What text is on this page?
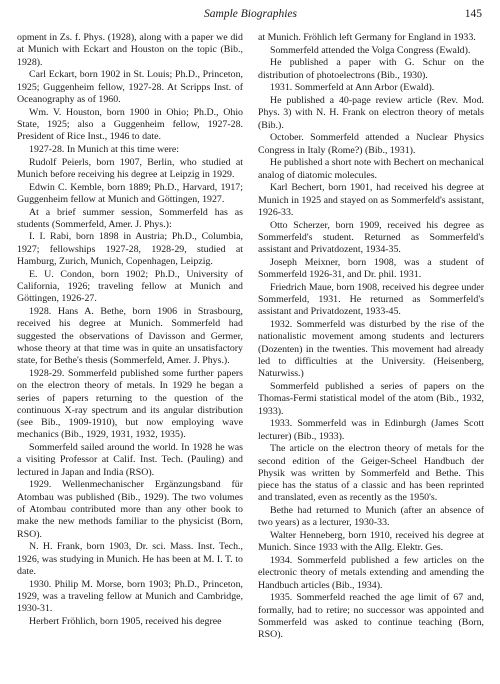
Sample Biographies	145

opment in Zs. f. Phys. (1928), along with a paper we did at Munich with Eckart and Houston on the topic (Bib., 1928).

Carl Eckart, born 1902 in St. Louis; Ph.D., Princeton, 1925; Guggenheim fellow, 1927-28. At Scripps Inst. of Oceanography as of 1960.

Wm. V. Houston, born 1900 in Ohio; Ph.D., Ohio State, 1925; also a Guggenheim fellow, 1927-28. President of Rice Inst., 1946 to date.

1927-28. In Munich at this time were:

Rudolf Peierls, born 1907, Berlin, who studied at Munich before receiving his degree at Leipzig in 1929.

Edwin C. Kemble, born 1889; Ph.D., Harvard, 1917; Guggenheim fellow at Munich and Göttingen, 1927.

At a brief summer session, Sommerfeld has as students (Sommerfeld, Amer. J. Phys.):

I. I. Rabi, born 1898 in Austria; Ph.D., Columbia, 1927; fellowships 1927-28, 1928-29, studied at Hamburg, Zurich, Munich, Copenhagen, Leipzig.

E. U. Condon, born 1902; Ph.D., University of California, 1926; traveling fellow at Munich and Göttingen, 1926-27.

1928. Hans A. Bethe, born 1906 in Strasbourg, received his degree at Munich. Sommerfeld had suggested the observations of Davisson and Germer, whose theory at that time was in quite an unsatisfactory state, for Bethe's thesis (Sommerfeld, Amer. J. Phys.).

1928-29. Sommerfeld published some further papers on the electron theory of metals. In 1929 he began a series of papers returning to the question of the continuous X-ray spectrum and its angular distribution (see Bib., 1909-1910), but now employing wave mechanics (Bib., 1929, 1931, 1932, 1935).

Sommerfeld sailed around the world. In 1928 he was a visiting Professor at Calif. Inst. Tech. (Pauling) and lectured in Japan and India (RSO).

1929. Wellenmechanischer Ergänzungsband für Atombau was published (Bib., 1929). The two volumes of Atombau contributed more than any other book to make the new methods familiar to the physicist (Born, RSO).

N. H. Frank, born 1903, Dr. sci. Mass. Inst. Tech., 1926, was studying in Munich. He has been at M. I. T. to date.

1930. Philip M. Morse, born 1903; Ph.D., Princeton, 1929, was a traveling fellow at Munich and Cambridge, 1930-31.

Herbert Fröhlich, born 1905, received his degree

at Munich. Fröhlich left Germany for England in 1933.

Sommerfeld attended the Volga Congress (Ewald).

He published a paper with G. Schur on the distribution of photoelectrons (Bib., 1930).

1931. Sommerfeld at Ann Arbor (Ewald).

He published a 40-page review article (Rev. Mod. Phys. 3) with N. H. Frank on electron theory of metals (Bib.).

October. Sommerfeld attended a Nuclear Physics Congress in Italy (Rome?) (Bib., 1931).

He published a short note with Bechert on mechanical analog of diatomic molecules.

Karl Bechert, born 1901, had received his degree at Munich in 1925 and stayed on as Sommerfeld's assistant, 1926-33.

Otto Scherzer, born 1909, received his degree as Sommerfeld's student. Returned as Sommerfeld's assistant and Privatdozent, 1934-35.

Joseph Meixner, born 1908, was a student of Sommerfeld 1926-31, and Dr. phil. 1931.

Friedrich Maue, born 1908, received his degree under Sommerfeld, 1931. He returned as Sommerfeld's assistant and Privatdozent, 1933-45.

1932. Sommerfeld was disturbed by the rise of the nationalistic movement among students and lecturers (Dozenten) in the twenties. This movement had already led to difficulties at the University. (Heisenberg, Naturwiss.)

Sommerfeld published a series of papers on the Thomas-Fermi statistical model of the atom (Bib., 1932, 1933).

1933. Sommerfeld was in Edinburgh (James Scott lecturer) (Bib., 1933).

The article on the electron theory of metals for the second edition of the Geiger-Scheel Handbuch der Physik was written by Sommerfeld and Bethe. This piece has the status of a classic and has been reprinted and translated, even as recently as the 1950's.

Bethe had returned to Munich (after an absence of two years) as a lecturer, 1930-33.

Walter Henneberg, born 1910, received his degree at Munich. Since 1933 with the Allg. Elektr. Ges.

1934. Sommerfeld published a few articles on the electronic theory of metals extending and amending the Handbuch articles (Bib., 1934).

1935. Sommerfeld reached the age limit of 67 and, formally, had to retire; no successor was appointed and Sommerfeld was asked to continue teaching (Born, RSO).
